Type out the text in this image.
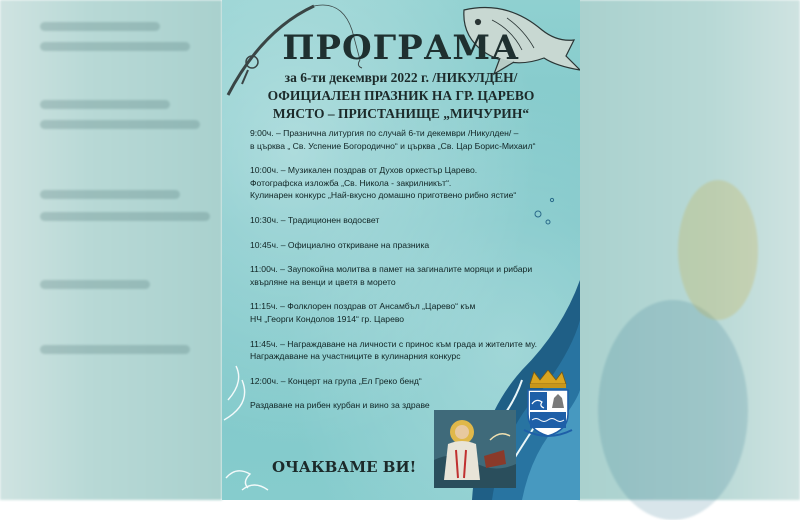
ПРОГРАМА
за 6-ти декември 2022 г. /НИКУЛДЕН/
ОФИЦИАЛЕН ПРАЗНИК НА ГР. ЦАРЕВО
МЯСТО – ПРИСТАНИЩЕ „МИЧУРИН“
9:00ч. – Празнична литургия по случай 6-ти декември /Никулден/ –
в църква „ Св. Успение Богородично“ и църква „Св. Цар Борис-Михаил“
10:00ч. – Музикален поздрав от Духов оркестър Царево.
Фотографска изложба „Св. Никола - закрилникът“.
Кулинарен конкурс „Най-вкусно домашно приготвено рибно ястие“
10:30ч. – Традиционен водосвет
10:45ч. – Официално откриване на празника
11:00ч. – Заупокойна молитва в памет на загиналите моряци и рибари
хвърляне на венци и цветя в морето
11:15ч. – Фолклорен поздрав от Ансамбъл „Царево“ към
НЧ „Георги Кондолов 1914“ гр. Царево
11:45ч. – Награждаване на личности с принос към града и жителите му.
Награждаване на участниците в кулинарния конкурс
12:00ч. – Концерт на група „Ел Греко бенд“
Раздаване на рибен курбан и вино за здраве
ОЧАКВАМЕ ВИ!
